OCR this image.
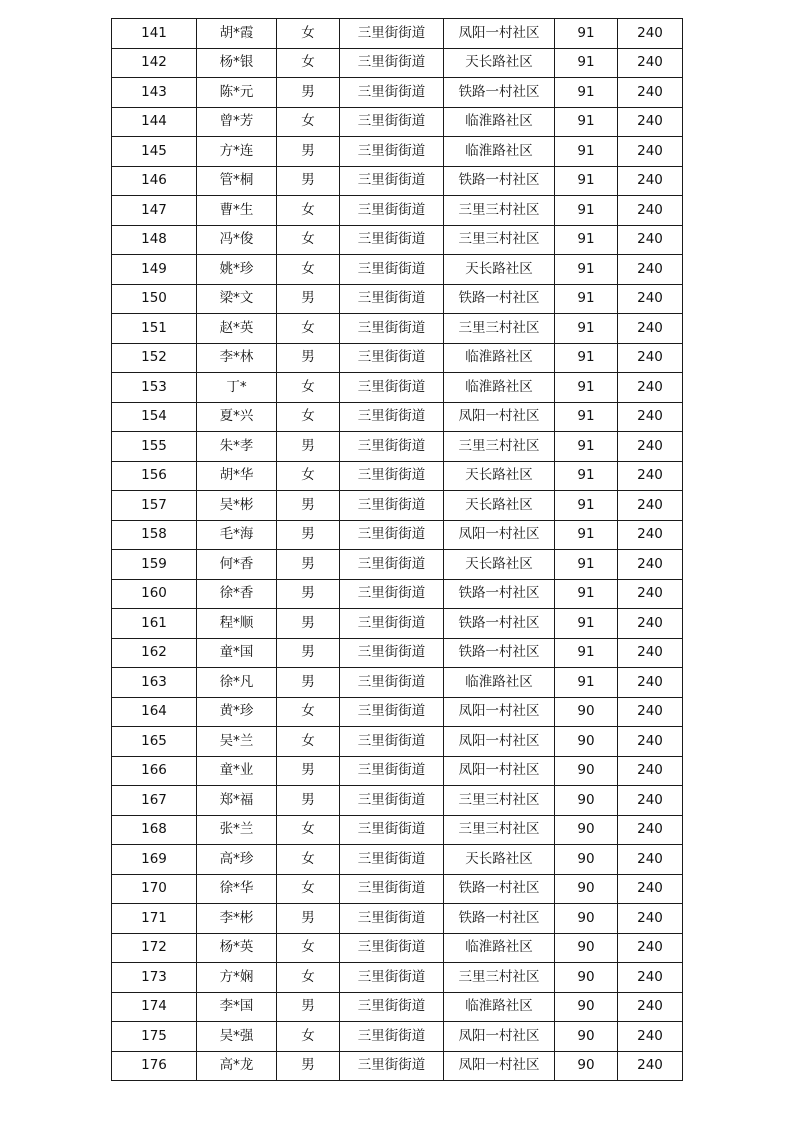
141	胡*霞	女	三里街街道	凤阳一村社区	91	240
142	杨*银	女	三里街街道	天长路社区	91	240
143	陈*元	男	三里街街道	铁路一村社区	91	240
144	曾*芳	女	三里街街道	临淮路社区	91	240
145	方*连	男	三里街街道	临淮路社区	91	240
146	管*桐	男	三里街街道	铁路一村社区	91	240
147	曹*生	女	三里街街道	三里三村社区	91	240
148	冯*俊	女	三里街街道	三里三村社区	91	240
149	姚*珍	女	三里街街道	天长路社区	91	240
150	梁*文	男	三里街街道	铁路一村社区	91	240
151	赵*英	女	三里街街道	三里三村社区	91	240
152	李*林	男	三里街街道	临淮路社区	91	240
153	丁*	女	三里街街道	临淮路社区	91	240
154	夏*兴	女	三里街街道	凤阳一村社区	91	240
155	朱*孝	男	三里街街道	三里三村社区	91	240
156	胡*华	女	三里街街道	天长路社区	91	240
157	吴*彬	男	三里街街道	天长路社区	91	240
158	毛*海	男	三里街街道	凤阳一村社区	91	240
159	何*香	男	三里街街道	天长路社区	91	240
160	徐*香	男	三里街街道	铁路一村社区	91	240
161	程*顺	男	三里街街道	铁路一村社区	91	240
162	童*国	男	三里街街道	铁路一村社区	91	240
163	徐*凡	男	三里街街道	临淮路社区	91	240
164	黄*珍	女	三里街街道	凤阳一村社区	90	240
165	吴*兰	女	三里街街道	凤阳一村社区	90	240
166	童*业	男	三里街街道	凤阳一村社区	90	240
167	郑*福	男	三里街街道	三里三村社区	90	240
168	张*兰	女	三里街街道	三里三村社区	90	240
169	高*珍	女	三里街街道	天长路社区	90	240
170	徐*华	女	三里街街道	铁路一村社区	90	240
171	李*彬	男	三里街街道	铁路一村社区	90	240
172	杨*英	女	三里街街道	临淮路社区	90	240
173	方*娴	女	三里街街道	三里三村社区	90	240
174	李*国	男	三里街街道	临淮路社区	90	240
175	吴*强	女	三里街街道	凤阳一村社区	90	240
176	高*龙	男	三里街街道	凤阳一村社区	90	240
